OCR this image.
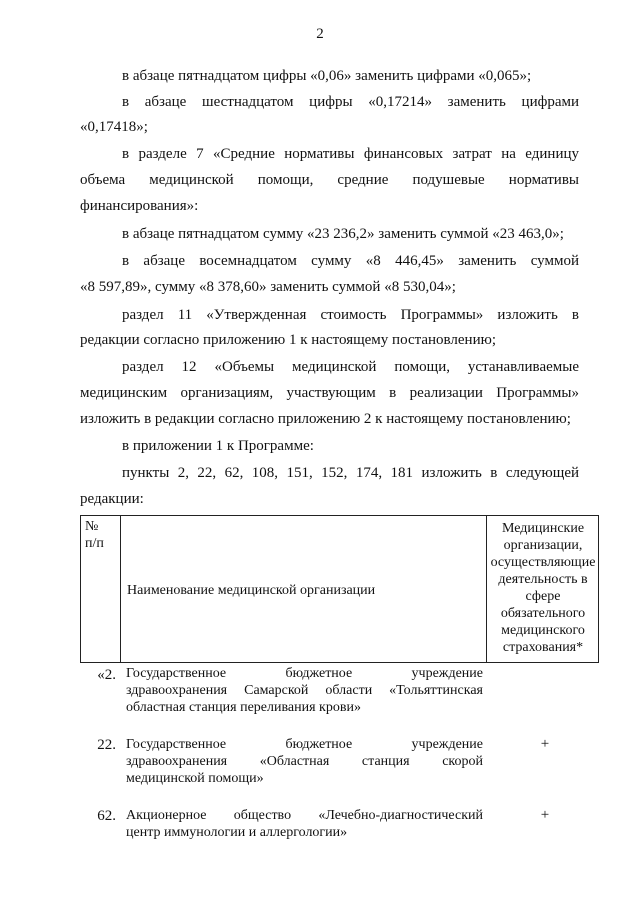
2
в абзаце пятнадцатом цифры «0,06» заменить цифрами «0,065»;
в абзаце шестнадцатом цифры «0,17214» заменить цифрами
«0,17418»;
в разделе 7 «Средние нормативы финансовых затрат на единицу
объема медицинской помощи, средние подушевые нормативы
финансирования»:
в абзаце пятнадцатом сумму «23 236,2» заменить суммой «23 463,0»;
в абзаце восемнадцатом сумму «8 446,45» заменить суммой
«8 597,89», сумму «8 378,60» заменить суммой «8 530,04»;
раздел 11 «Утвержденная стоимость Программы» изложить в
редакции согласно приложению 1 к настоящему постановлению;
раздел 12 «Объемы медицинской помощи, устанавливаемые
медицинским организациям, участвующим в реализации Программы»
изложить в редакции согласно приложению 2 к настоящему постановлению;
в приложении 1 к Программе:
пункты 2, 22, 62, 108, 151, 152, 174, 181 изложить в следующей
редакции:
№
п/п
Наименование медицинской организации
Медицинские
организации,
осуществляющие
деятельность в
сфере
обязательного
медицинского
страхования*
«2. Государственное бюджетное учреждение
здравоохранения Самарской области «Тольяттинская
областная станция переливания крови»
22. Государственное бюджетное учреждение
здравоохранения «Областная станция скорой
медицинской помощи»
+
62. Акционерное общество «Лечебно-диагностический
центр иммунологии и аллергологии»
+
